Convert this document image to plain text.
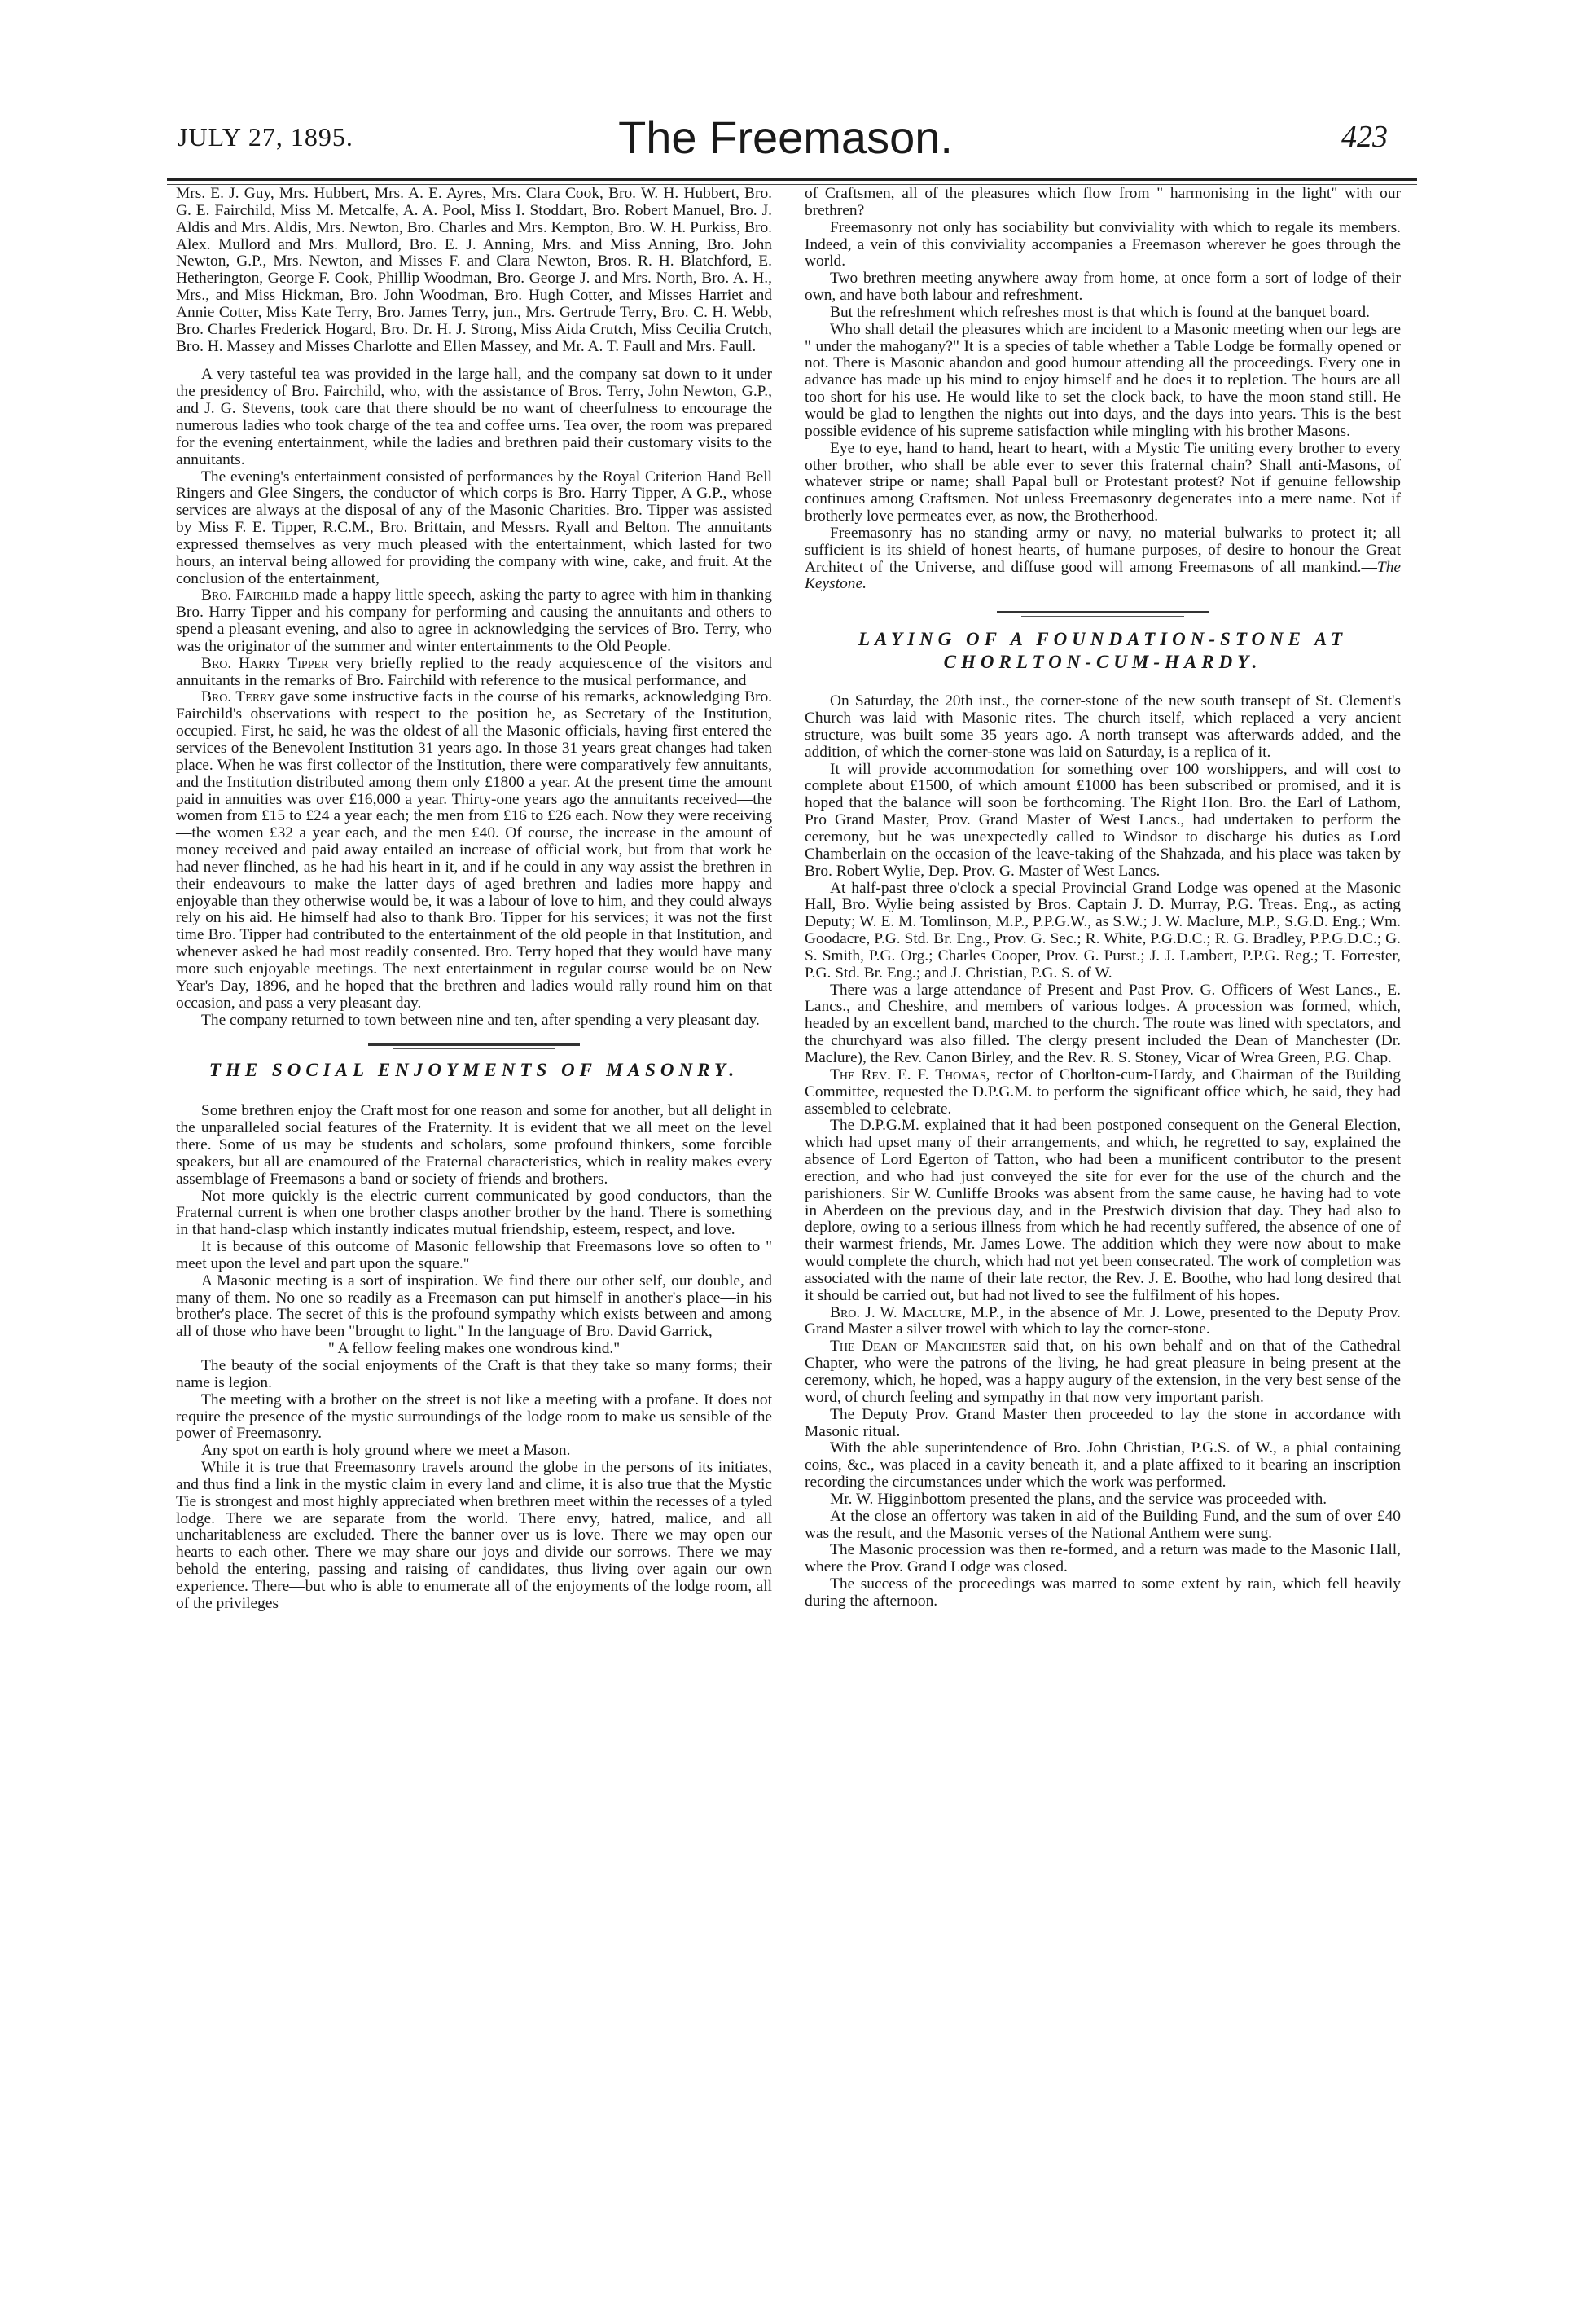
The Freemason.
JULY 27, 1895.	423

Mrs. E. J. Guy, Mrs. Hubbert, Mrs. A. E. Ayres, Mrs. Clara Cook, Bro. W. H. Hubbert, Bro. G. E. Fairchild, Miss M. Metcalfe, A. A. Pool, Miss I. Stoddart, Bro. Robert Manuel, Bro. J. Aldis and Mrs. Aldis, Mrs. Newton, Bro. Charles and Mrs. Kempton, Bro. W. H. Purkiss, Bro. Alex. Mullord and Mrs. Mullord, Bro. E. J. Anning, Mrs. and Miss Anning, Bro. John Newton, G.P., Mrs. Newton, and Misses F. and Clara Newton, Bros. R. H. Blatchford, E. Hetherington, George F. Cook, Phillip Woodman, Bro. George J. and Mrs. North, Bro. A. H., Mrs., and Miss Hickman, Bro. John Woodman, Bro. Hugh Cotter, and Misses Harriet and Annie Cotter, Miss Kate Terry, Bro. James Terry, jun., Mrs. Gertrude Terry, Bro. C. H. Webb, Bro. Charles Frederick Hogard, Bro. Dr. H. J. Strong, Miss Aida Crutch, Miss Cecilia Crutch, Bro. H. Massey and Misses Charlotte and Ellen Massey, and Mr. A. T. Faull and Mrs. Faull.

A very tasteful tea was provided in the large hall, and the company sat down to it under the presidency of Bro. Fairchild, who, with the assistance of Bros. Terry, John Newton, G.P., and J. G. Stevens, took care that there should be no want of cheerfulness to encourage the numerous ladies who took charge of the tea and coffee urns. Tea over, the room was prepared for the evening entertainment, while the ladies and brethren paid their customary visits to the annuitants.

The evening's entertainment consisted of performances by the Royal Criterion Hand Bell Ringers and Glee Singers, the conductor of which corps is Bro. Harry Tipper, A G.P., whose services are always at the disposal of any of the Masonic Charities. Bro. Tipper was assisted by Miss F. E. Tipper, R.C.M., Bro. Brittain, and Messrs. Ryall and Belton. The annuitants expressed themselves as very much pleased with the entertainment, which lasted for two hours, an interval being allowed for providing the company with wine, cake, and fruit. At the conclusion of the entertainment,

Bro. Fairchild made a happy little speech, asking the party to agree with him in thanking Bro. Harry Tipper and his company for performing and causing the annuitants and others to spend a pleasant evening, and also to agree in acknowledging the services of Bro. Terry, who was the originator of the summer and winter entertainments to the Old People.

Bro. Harry Tipper very briefly replied to the ready acquiescence of the visitors and annuitants in the remarks of Bro. Fairchild with reference to the musical performance, and

Bro. Terry gave some instructive facts in the course of his remarks, acknowledging Bro. Fairchild's observations with respect to the position he, as Secretary of the Institution, occupied. First, he said, he was the oldest of all the Masonic officials, having first entered the services of the Benevolent Institution 31 years ago. In those 31 years great changes had taken place. When he was first collector of the Institution, there were comparatively few annuitants, and the Institution distributed among them only £1800 a year. At the present time the amount paid in annuities was over £16,000 a year. Thirty-one years ago the annuitants received—the women from £15 to £24 a year each; the men from £16 to £26 each. Now they were receiving—the women £32 a year each, and the men £40. Of course, the increase in the amount of money received and paid away entailed an increase of official work, but from that work he had never flinched, as he had his heart in it, and if he could in any way assist the brethren in their endeavours to make the latter days of aged brethren and ladies more happy and enjoyable than they otherwise would be, it was a labour of love to him, and they could always rely on his aid. He himself had also to thank Bro. Tipper for his services; it was not the first time Bro. Tipper had contributed to the entertainment of the old people in that Institution, and whenever asked he had most readily consented. Bro. Terry hoped that they would have many more such enjoyable meetings. The next entertainment in regular course would be on New Year's Day, 1896, and he hoped that the brethren and ladies would rally round him on that occasion, and pass a very pleasant day.

The company returned to town between nine and ten, after spending a very pleasant day.

THE SOCIAL ENJOYMENTS OF MASONRY.

Some brethren enjoy the Craft most for one reason and some for another, but all delight in the unparalleled social features of the Fraternity. It is evident that we all meet on the level there. Some of us may be students and scholars, some profound thinkers, some forcible speakers, but all are enamoured of the Fraternal characteristics, which in reality makes every assemblage of Freemasons a band or society of friends and brothers.

Not more quickly is the electric current communicated by good conductors, than the Fraternal current is when one brother clasps another brother by the hand. There is something in that hand-clasp which instantly indicates mutual friendship, esteem, respect, and love.

It is because of this outcome of Masonic fellowship that Freemasons love so often to " meet upon the level and part upon the square."

A Masonic meeting is a sort of inspiration. We find there our other self, our double, and many of them. No one so readily as a Freemason can put himself in another's place—in his brother's place. The secret of this is the profound sympathy which exists between and among all of those who have been "brought to light." In the language of Bro. David Garrick,

" A fellow feeling makes one wondrous kind."

The beauty of the social enjoyments of the Craft is that they take so many forms; their name is legion.

The meeting with a brother on the street is not like a meeting with a profane. It does not require the presence of the mystic surroundings of the lodge room to make us sensible of the power of Freemasonry.

Any spot on earth is holy ground where we meet a Mason.

While it is true that Freemasonry travels around the globe in the persons of its initiates, and thus find a link in the mystic claim in every land and clime, it is also true that the Mystic Tie is strongest and most highly appreciated when brethren meet within the recesses of a tyled lodge. There we are separate from the world. There envy, hatred, malice, and all uncharitableness are excluded. There the banner over us is love. There we may open our hearts to each other. There we may share our joys and divide our sorrows. There we may behold the entering, passing and raising of candidates, thus living over again our own experience. There—but who is able to enumerate all of the enjoyments of the lodge room, all of the privileges

of Craftsmen, all of the pleasures which flow from " harmonising in the light" with our brethren?

Freemasonry not only has sociability but conviviality with which to regale its members. Indeed, a vein of this conviviality accompanies a Freemason wherever he goes through the world.

Two brethren meeting anywhere away from home, at once form a sort of lodge of their own, and have both labour and refreshment.

But the refreshment which refreshes most is that which is found at the banquet board.

Who shall detail the pleasures which are incident to a Masonic meeting when our legs are " under the mahogany?" It is a species of table whether a Table Lodge be formally opened or not. There is Masonic abandon and good humour attending all the proceedings. Every one in advance has made up his mind to enjoy himself and he does it to repletion. The hours are all too short for his use. He would like to set the clock back, to have the moon stand still. He would be glad to lengthen the nights out into days, and the days into years. This is the best possible evidence of his supreme satisfaction while mingling with his brother Masons.

Eye to eye, hand to hand, heart to heart, with a Mystic Tie uniting every brother to every other brother, who shall be able ever to sever this fraternal chain? Shall anti-Masons, of whatever stripe or name; shall Papal bull or Protestant protest? Not if genuine fellowship continues among Craftsmen. Not unless Freemasonry degenerates into a mere name. Not if brotherly love permeates ever, as now, the Brotherhood.

Freemasonry has no standing army or navy, no material bulwarks to protect it; all sufficient is its shield of honest hearts, of humane purposes, of desire to honour the Great Architect of the Universe, and diffuse good will among Freemasons of all mankind.—The Keystone.

LAYING OF A FOUNDATION-STONE AT
CHORLTON-CUM-HARDY.

On Saturday, the 20th inst., the corner-stone of the new south transept of St. Clement's Church was laid with Masonic rites. The church itself, which replaced a very ancient structure, was built some 35 years ago. A north transept was afterwards added, and the addition, of which the corner-stone was laid on Saturday, is a replica of it.

It will provide accommodation for something over 100 worshippers, and will cost to complete about £1500, of which amount £1000 has been subscribed or promised, and it is hoped that the balance will soon be forthcoming. The Right Hon. Bro. the Earl of Lathom, Pro Grand Master, Prov. Grand Master of West Lancs., had undertaken to perform the ceremony, but he was unexpectedly called to Windsor to discharge his duties as Lord Chamberlain on the occasion of the leave-taking of the Shahzada, and his place was taken by Bro. Robert Wylie, Dep. Prov. G. Master of West Lancs.

At half-past three o'clock a special Provincial Grand Lodge was opened at the Masonic Hall, Bro. Wylie being assisted by Bros. Captain J. D. Murray, P.G. Treas. Eng., as acting Deputy; W. E. M. Tomlinson, M.P., P.P.G.W., as S.W.; J. W. Maclure, M.P., S.G.D. Eng.; Wm. Goodacre, P.G. Std. Br. Eng., Prov. G. Sec.; R. White, P.G.D.C.; R. G. Bradley, P.P.G.D.C.; G. S. Smith, P.G. Org.; Charles Cooper, Prov. G. Purst.; J. J. Lambert, P.P.G. Reg.; T. Forrester, P.G. Std. Br. Eng.; and J. Christian, P.G. S. of W.

There was a large attendance of Present and Past Prov. G. Officers of West Lancs., E. Lancs., and Cheshire, and members of various lodges. A procession was formed, which, headed by an excellent band, marched to the church. The route was lined with spectators, and the churchyard was also filled. The clergy present included the Dean of Manchester (Dr. Maclure), the Rev. Canon Birley, and the Rev. R. S. Stoney, Vicar of Wrea Green, P.G. Chap.

The Rev. E. F. Thomas, rector of Chorlton-cum-Hardy, and Chairman of the Building Committee, requested the D.P.G.M. to perform the significant office which, he said, they had assembled to celebrate.

The D.P.G.M. explained that it had been postponed consequent on the General Election, which had upset many of their arrangements, and which, he regretted to say, explained the absence of Lord Egerton of Tatton, who had been a munificent contributor to the present erection, and who had just conveyed the site for ever for the use of the church and the parishioners. Sir W. Cunliffe Brooks was absent from the same cause, he having had to vote in Aberdeen on the previous day, and in the Prestwich division that day. They had also to deplore, owing to a serious illness from which he had recently suffered, the absence of one of their warmest friends, Mr. James Lowe. The addition which they were now about to make would complete the church, which had not yet been consecrated. The work of completion was associated with the name of their late rector, the Rev. J. E. Boothe, who had long desired that it should be carried out, but had not lived to see the fulfilment of his hopes.

Bro. J. W. Maclure, M.P., in the absence of Mr. J. Lowe, presented to the Deputy Prov. Grand Master a silver trowel with which to lay the corner-stone.

The Dean of Manchester said that, on his own behalf and on that of the Cathedral Chapter, who were the patrons of the living, he had great pleasure in being present at the ceremony, which, he hoped, was a happy augury of the extension, in the very best sense of the word, of church feeling and sympathy in that now very important parish.

The Deputy Prov. Grand Master then proceeded to lay the stone in accordance with Masonic ritual.

With the able superintendence of Bro. John Christian, P.G.S. of W., a phial containing coins, &c., was placed in a cavity beneath it, and a plate affixed to it bearing an inscription recording the circumstances under which the work was performed.

Mr. W. Higginbottom presented the plans, and the service was proceeded with.

At the close an offertory was taken in aid of the Building Fund, and the sum of over £40 was the result, and the Masonic verses of the National Anthem were sung.

The Masonic procession was then re-formed, and a return was made to the Masonic Hall, where the Prov. Grand Lodge was closed.

The success of the proceedings was marred to some extent by rain, which fell heavily during the afternoon.
